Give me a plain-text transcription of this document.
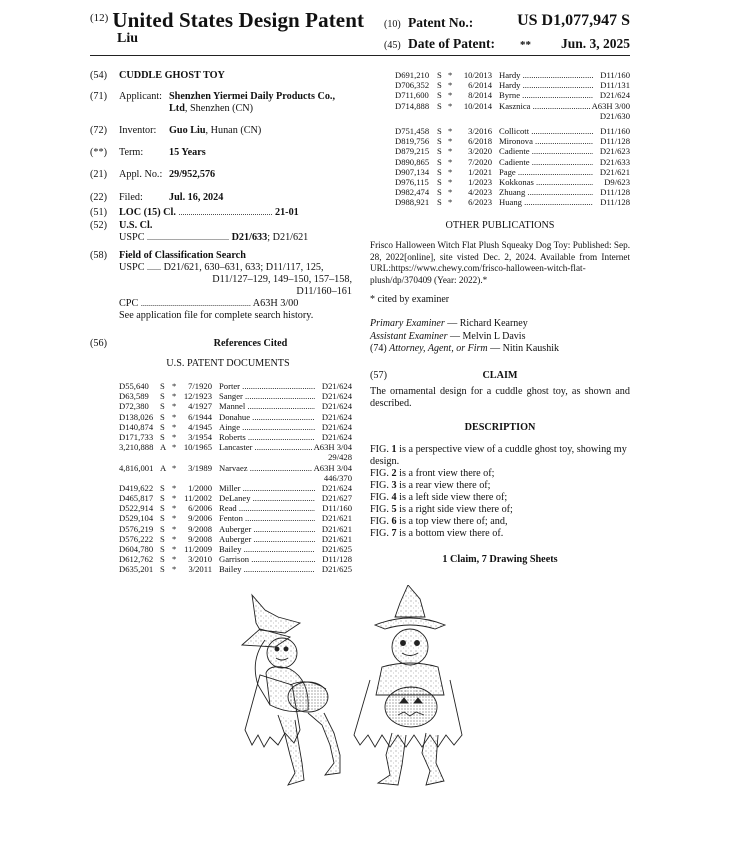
$^{(12)}$ United States Design Patent
Liu
(10) Patent No.:	US D1,077,947 S
(45) Date of Patent: ** Jun. 3, 2025
(54) CUDDLE GHOST TOY
(71) Applicant: Shenzhen Yiermei Daily Products Co., Ltd, Shenzhen (CN)
(72) Inventor: Guo Liu, Hunan (CN)
(**) Term:	15 Years
(21) Appl. No.: 29/952,576
(22) Filed:	Jul. 16, 2024
(51) LOC (15) Cl. ............................................... 21-01
(52) U.S. Cl.
USPC ......................................... D21/633; D21/621
(58) Field of Classification Search
USPC ....... D21/621, 630–631, 633; D11/117, 125,
D11/127–129, 149–150, 157–158,
D11/160–161
CPC ....................................................... A63H 3/00
See application file for complete search history.
(56)	References Cited
U.S. PATENT DOCUMENTS
D55,640 S *	7/1920 Porter .....	D21/624
D63,589 S * 12/1923 Sanger .....	D21/624
D72,380 S *	4/1927 Mannel .....	D21/624
D138,026 S *	6/1944 Donahue .....	D21/624
D140,874 S *	4/1945 Ainge .....	D21/624
D171,733 S *	3/1954 Roberts .....	D21/624
3,210,888 A * 10/1965 Lancaster .....	A63H 3/04
29/428
4,816,001 A *	3/1989 Narvaez .....	A63H 3/04
446/370
D419,622 S *	1/2000 Miller .....	D21/624
D465,817 S * 11/2002 DeLaney .....	D21/627
D522,914 S *	6/2006 Read .....	D11/160
D529,104 S *	9/2006 Fenton .....	D21/621
D576,219 S *	9/2008 Auberger .....	D21/621
D576,222 S *	9/2008 Auberger .....	D21/621
D604,780 S * 11/2009 Bailey .....	D21/625
D612,762 S *	3/2010 Garrison .....	D11/128
D635,201 S *	3/2011 Bailey .....	D21/625
D691,210 S *	10/2013 Hardy .....	D11/160
D706,352 S *	6/2014 Hardy .....	D11/131
D711,600 S *	8/2014 Byrne .....	D21/624
D714,888 S *	10/2014 Kasznica .....	A63H 3/00
D21/630
D751,458 S *	3/2016 Collicott .....	D11/160
D819,756 S *	6/2018 Mironova .....	D11/128
D879,215 S *	3/2020 Cadiente .....	D21/623
D890,865 S *	7/2020 Cadiente .....	D21/633
D907,134 S *	1/2021 Page .....	D21/621
D976,115 S *	1/2023 Kokkonas .....	D9/623
D982,474 S *	4/2023 Zhuang .....	D11/128
D988,921 S *	6/2023 Huang .....	D11/128
OTHER PUBLICATIONS
Frisco Halloween Witch Flat Plush Squeaky Dog Toy: Published: Sep. 28, 2022[online], site visted Dec. 2, 2024. Available from Internet URL:https://www.chewy.com/frisco-halloween-witch-flat-plush/dp/370409 (Year: 2022).*
* cited by examiner
Primary Examiner — Richard Kearney
Assistant Examiner — Melvin L Davis
(74) Attorney, Agent, or Firm — Nitin Kaushik
(57)	CLAIM
The ornamental design for a cuddle ghost toy, as shown and described.
DESCRIPTION
FIG. 1 is a perspective view of a cuddle ghost toy, showing my design.
FIG. 2 is a front view there of;
FIG. 3 is a rear view there of;
FIG. 4 is a left side view there of;
FIG. 5 is a right side view there of;
FIG. 6 is a top view there of; and,
FIG. 7 is a bottom view there of.
1 Claim, 7 Drawing Sheets
